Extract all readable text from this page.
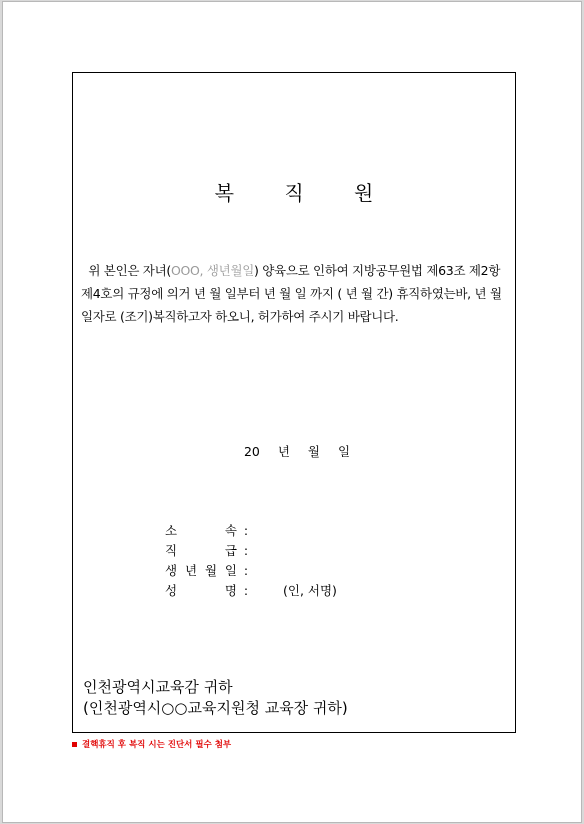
복 직 원
위 본인은 자녀(OOO, 생년월일) 양육으로 인하여 지방공무원법 제63조 제2항 제4호의 규정에 의거 년 월 일부터 년 월 일 까지 ( 년 월 간) 휴직하였는바, 년 월 일자로 (조기)복직하고자 하오니, 허가하여 주시기 바랍니다.
20 년 월 일
소	속 :
직	급 :
생 년 월 일 :
성	명 :	(인, 서명)
인천광역시교육감 귀하
(인천광역시○○교육지원청 교육장 귀하)
결핵휴직 후 복직 시는 진단서 필수 첨부
